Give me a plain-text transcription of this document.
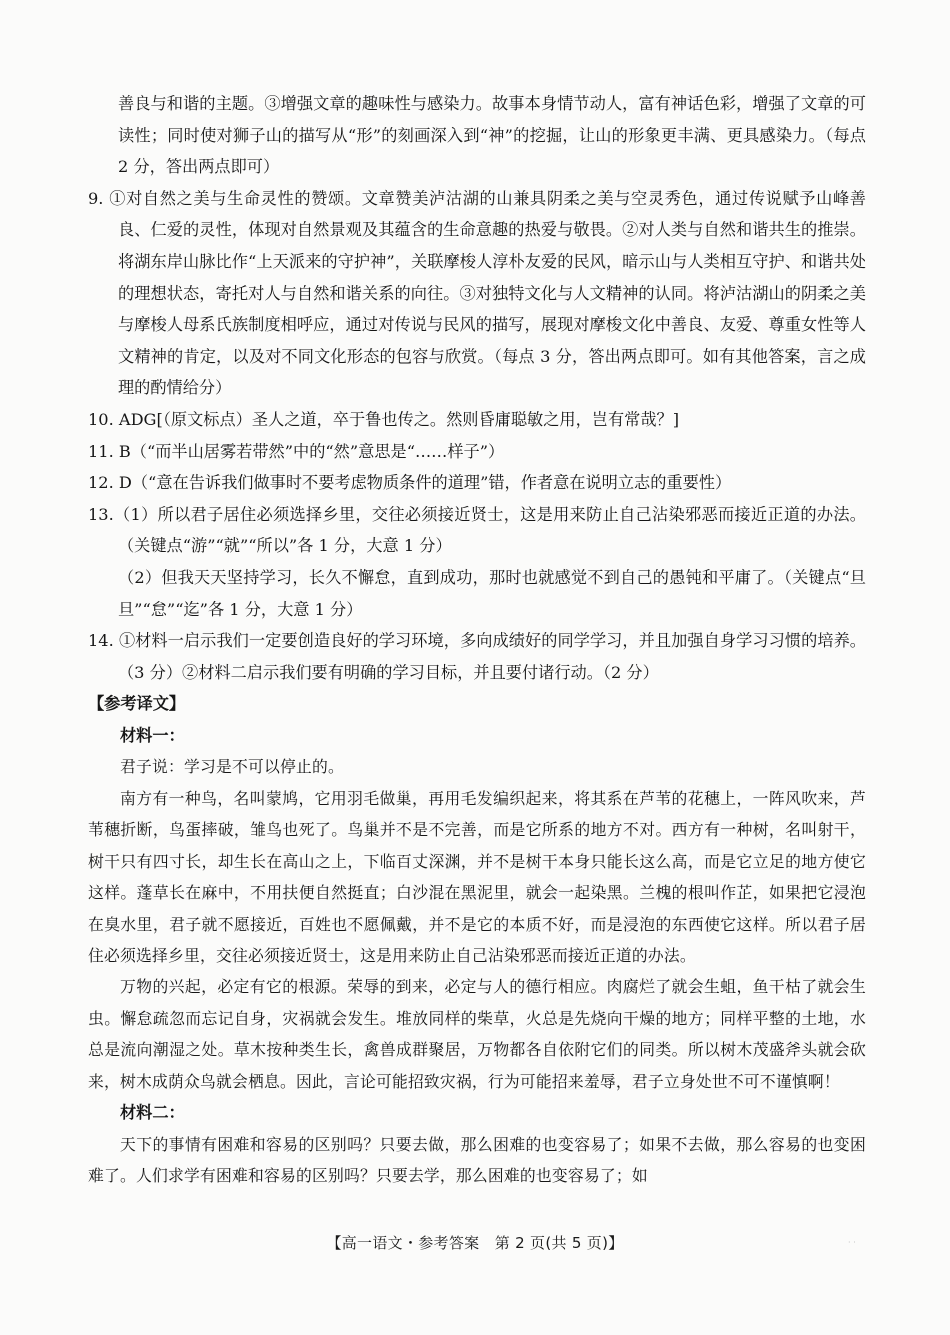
善良与和谐的主题。③增强文章的趣味性与感染力。故事本身情节动人，富有神话色彩，增强了文章的可读性；同时使对狮子山的描写从“形”的刻画深入到“神”的挖掘，让山的形象更丰满、更具感染力。（每点 2 分，答出两点即可）

9. ①对自然之美与生命灵性的赞颂。文章赞美泸沽湖的山兼具阴柔之美与空灵秀色，通过传说赋予山峰善良、仁爱的灵性，体现对自然景观及其蕴含的生命意趣的热爱与敬畏。②对人类与自然和谐共生的推崇。将湖东岸山脉比作“上天派来的守护神”，关联摩梭人淳朴友爱的民风，暗示山与人类相互守护、和谐共处的理想状态，寄托对人与自然和谐关系的向往。③对独特文化与人文精神的认同。将泸沽湖山的阴柔之美与摩梭人母系氏族制度相呼应，通过对传说与民风的描写，展现对摩梭文化中善良、友爱、尊重女性等人文精神的肯定，以及对不同文化形态的包容与欣赏。（每点 3 分，答出两点即可。如有其他答案，言之成理的酌情给分）

10. ADG[（原文标点）圣人之道，卒于鲁也传之。然则昏庸聪敏之用，岂有常哉？]

11. B（“而半山居雾若带然”中的“然”意思是“……样子”）

12. D（“意在告诉我们做事时不要考虑物质条件的道理”错，作者意在说明立志的重要性）

13.（1）所以君子居住必须选择乡里，交往必须接近贤士，这是用来防止自己沾染邪恶而接近正道的办法。（关键点“游”“就”“所以”各 1 分，大意 1 分）

（2）但我天天坚持学习，长久不懈怠，直到成功，那时也就感觉不到自己的愚钝和平庸了。（关键点“旦旦”“怠”“迄”各 1 分，大意 1 分）

14. ①材料一启示我们一定要创造良好的学习环境，多向成绩好的同学学习，并且加强自身学习习惯的培养。（3 分）②材料二启示我们要有明确的学习目标，并且要付诸行动。（2 分）

【参考译文】

材料一：

君子说：学习是不可以停止的。

南方有一种鸟，名叫蒙鸠，它用羽毛做巢，再用毛发编织起来，将其系在芦苇的花穗上，一阵风吹来，芦苇穗折断，鸟蛋摔破，雏鸟也死了。鸟巢并不是不完善，而是它所系的地方不对。西方有一种树，名叫射干，树干只有四寸长，却生长在高山之上，下临百丈深渊，并不是树干本身只能长这么高，而是它立足的地方使它这样。蓬草长在麻中，不用扶便自然挺直；白沙混在黑泥里，就会一起染黑。兰槐的根叫作芷，如果把它浸泡在臭水里，君子就不愿接近，百姓也不愿佩戴，并不是它的本质不好，而是浸泡的东西使它这样。所以君子居住必须选择乡里，交往必须接近贤士，这是用来防止自己沾染邪恶而接近正道的办法。

万物的兴起，必定有它的根源。荣辱的到来，必定与人的德行相应。肉腐烂了就会生蛆，鱼干枯了就会生虫。懈怠疏忽而忘记自身，灾祸就会发生。堆放同样的柴草，火总是先烧向干燥的地方；同样平整的土地，水总是流向潮湿之处。草木按种类生长，禽兽成群聚居，万物都各自依附它们的同类。所以树木茂盛斧头就会砍来，树木成荫众鸟就会栖息。因此，言论可能招致灾祸，行为可能招来羞辱，君子立身处世不可不谨慎啊！

材料二：

天下的事情有困难和容易的区别吗？只要去做，那么困难的也变容易了；如果不去做，那么容易的也变困难了。人们求学有困难和容易的区别吗？只要去学，那么困难的也变容易了；如

【高一语文・参考答案　第 2 页(共 5 页)】	· ·
